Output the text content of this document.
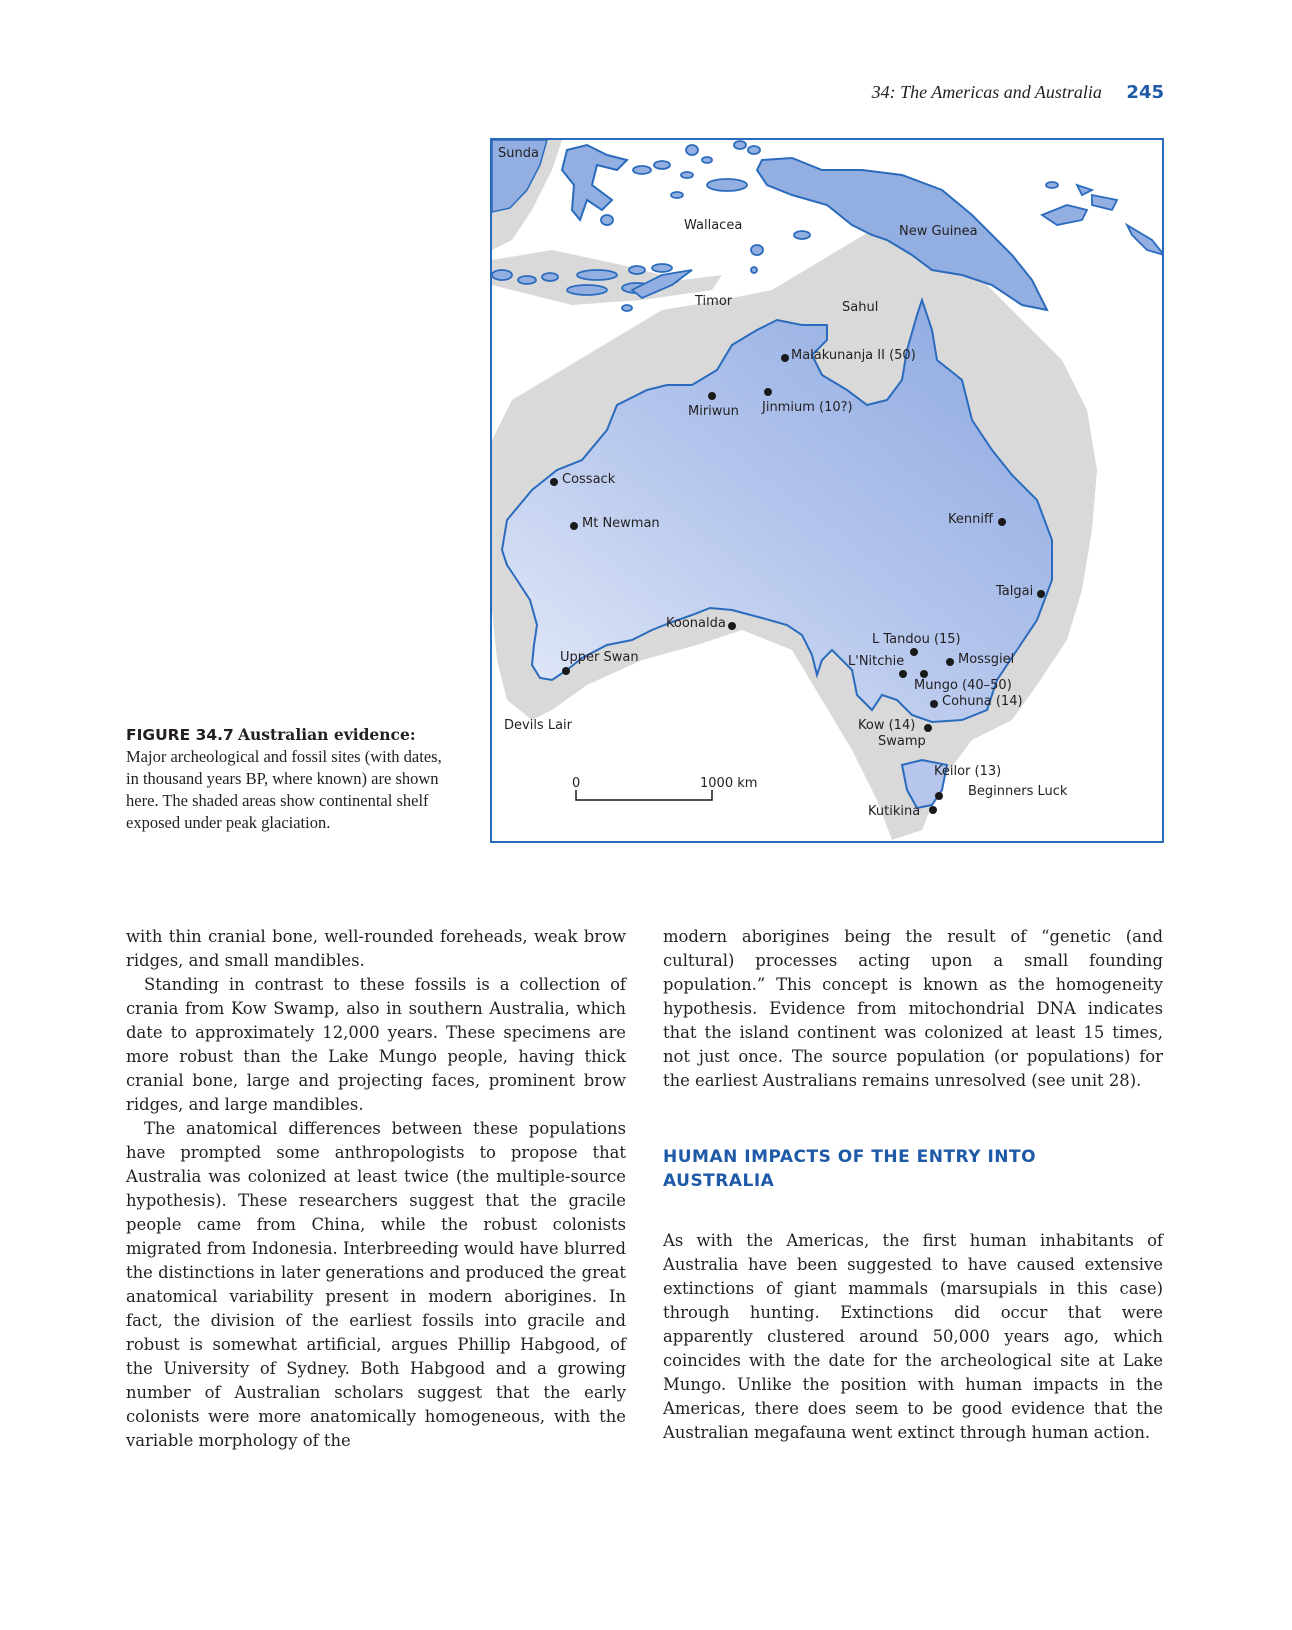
34: The Americas and Australia 245
Sunda
Wallacea	New Guinea
Timor	Sahul
Devils Lair
Malakunanja II (50)
Miriwun Jinmium (10?)
Cossack
Mt Newman	Kenniff
Talgai
Koonalda
Upper Swan
L Tandou (15)
L'Nitchie	Mossgiel
Mungo (40–50)
Cohuna (14)
Kow (14)
Swamp
Keilor (13)
Beginners Luck
Kutikina
0	1000 km
FIGURE 34.7 Australian evidence:
Major archeological and fossil sites (with dates, in thousand years BP, where known) are shown here. The shaded areas show continental shelf exposed under peak glaciation.

with thin cranial bone, well-rounded foreheads, weak brow ridges, and small mandibles.

Standing in contrast to these fossils is a collection of crania from Kow Swamp, also in southern Australia, which date to approximately 12,000 years. These specimens are more robust than the Lake Mungo people, having thick cranial bone, large and projecting faces, prominent brow ridges, and large mandibles.

The anatomical differences between these populations have prompted some anthropologists to propose that Australia was colonized at least twice (the multiple-source hypothesis). These researchers suggest that the gracile people came from China, while the robust colonists migrated from Indonesia. Interbreeding would have blurred the distinctions in later generations and produced the great anatomical variability present in modern aborigines. In fact, the division of the earliest fossils into gracile and robust is somewhat artificial, argues Phillip Habgood, of the University of Sydney. Both Habgood and a growing number of Australian scholars suggest that the early colonists were more anatomically homogeneous, with the variable morphology of the

modern aborigines being the result of “genetic (and cultural) processes acting upon a small founding population.” This concept is known as the homogeneity hypothesis. Evidence from mitochondrial DNA indicates that the island continent was colonized at least 15 times, not just once. The source population (or populations) for the earliest Australians remains unresolved (see unit 28).

HUMAN IMPACTS OF THE ENTRY INTO
AUSTRALIA

As with the Americas, the first human inhabitants of Australia have been suggested to have caused extensive extinctions of giant mammals (marsupials in this case) through hunting. Extinctions did occur that were apparently clustered around 50,000 years ago, which coincides with the date for the archeological site at Lake Mungo. Unlike the position with human impacts in the Americas, there does seem to be good evidence that the Australian megafauna went extinct through human action.
